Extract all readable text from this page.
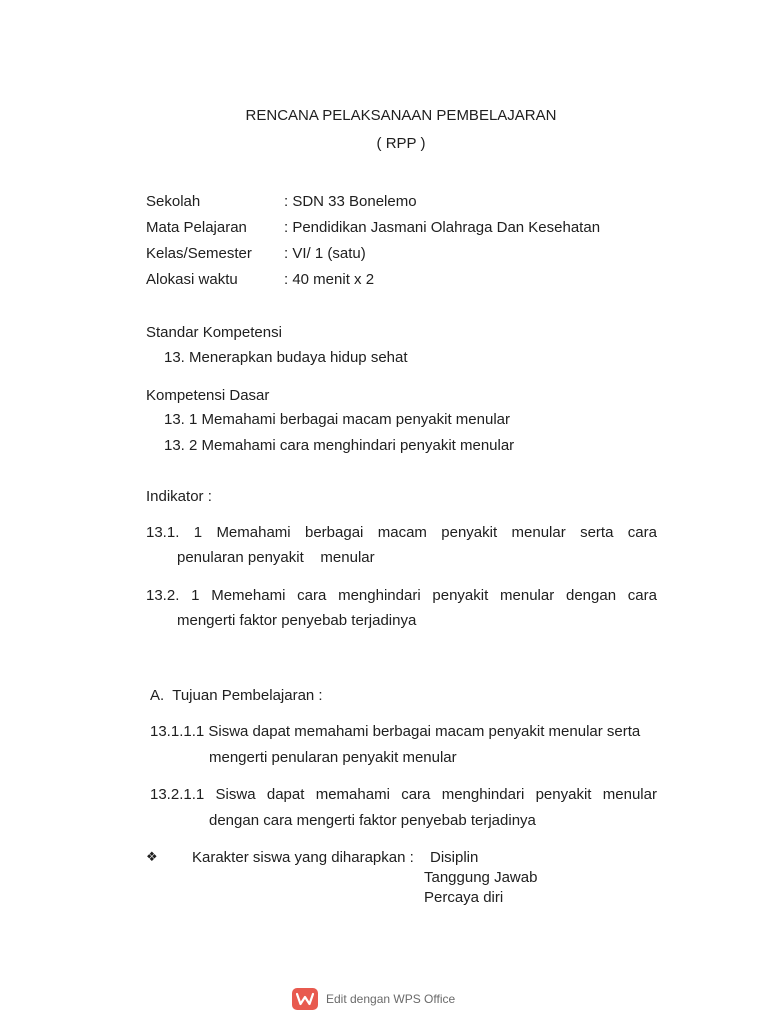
RENCANA PELAKSANAAN PEMBELAJARAN
( RPP )
Sekolah	: SDN 33 Bonelemo
Mata Pelajaran : Pendidikan Jasmani Olahraga Dan Kesehatan
Kelas/Semester : VI/ 1 (satu)
Alokasi waktu	: 40 menit x 2
Standar Kompetensi
13. Menerapkan budaya hidup sehat
Kompetensi Dasar
13. 1 Memahami berbagai macam penyakit menular
13. 2 Memahami cara menghindari penyakit menular
Indikator :
13.1. 1 Memahami berbagai macam penyakit menular serta cara
penularan penyakit    menular
13.2. 1 Memehami cara menghindari penyakit menular dengan cara
mengerti faktor penyebab terjadinya
A.  Tujuan Pembelajaran :
13.1.1.1 Siswa dapat memahami berbagai macam penyakit menular serta
mengerti penularan penyakit menular
13.2.1.1 Siswa dapat memahami cara menghindari penyakit menular
dengan cara mengerti faktor penyebab terjadinya
❖ Karakter siswa yang diharapkan : Disiplin
Tanggung Jawab
Percaya diri
Edit dengan WPS Office
